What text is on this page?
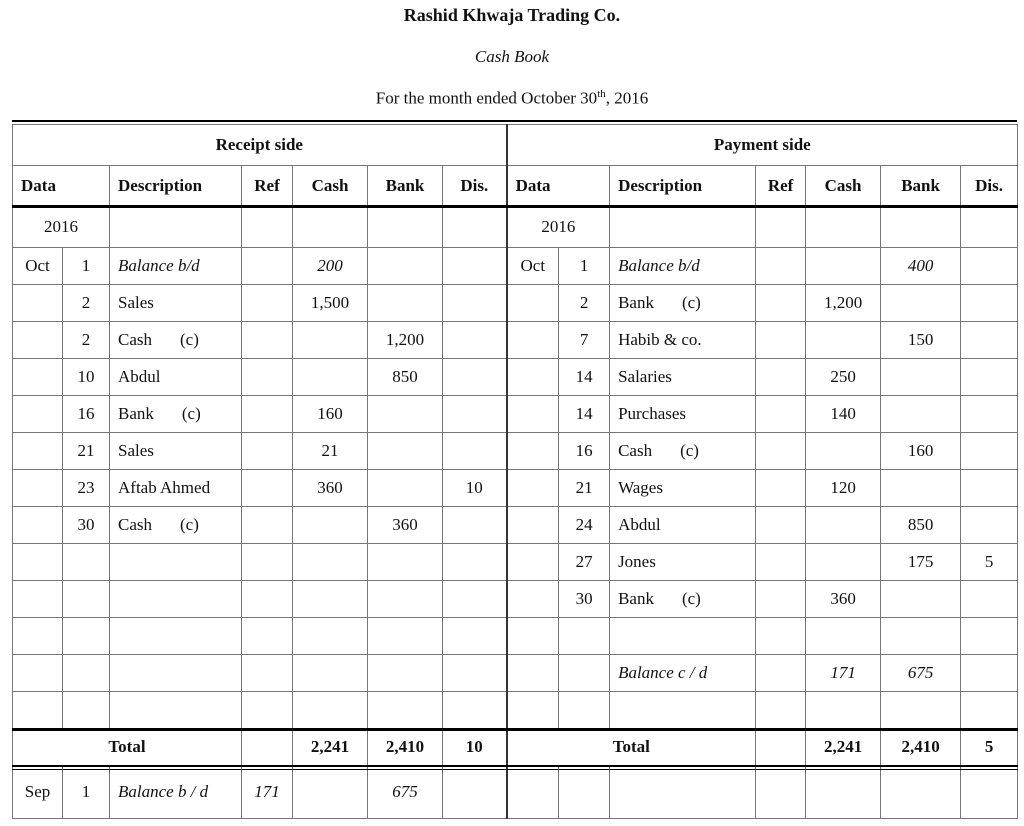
Rashid Khwaja Trading Co.
Cash Book
For the month ended October 30th, 2016
Receipt side							Payment side						
Data		Description	Ref	Cash	Bank	Dis.	Data		Description	Ref	Cash	Bank	Dis.
2016							2016						
Oct	1	Balance b/d		200			Oct	1	Balance b/d			400	
	2	Sales		1,500				2	Bank (c)		1,200		
	2	Cash (c)			1,200			7	Habib & co.			150	
	10	Abdul			850			14	Salaries		250		
	16	Bank (c)		160				14	Purchases		140		
	21	Sales		21				16	Cash (c)			160	
	23	Aftab Ahmed		360		10		21	Wages		120		
	30	Cash (c)			360			24	Abdul			850	
								27	Jones			175	5
								30	Bank (c)		360		

									Balance c / d		171	675	

Total				2,241	2,410	10	Total				2,241	2,410	5
Sep	1	Balance b / d	171		675								
